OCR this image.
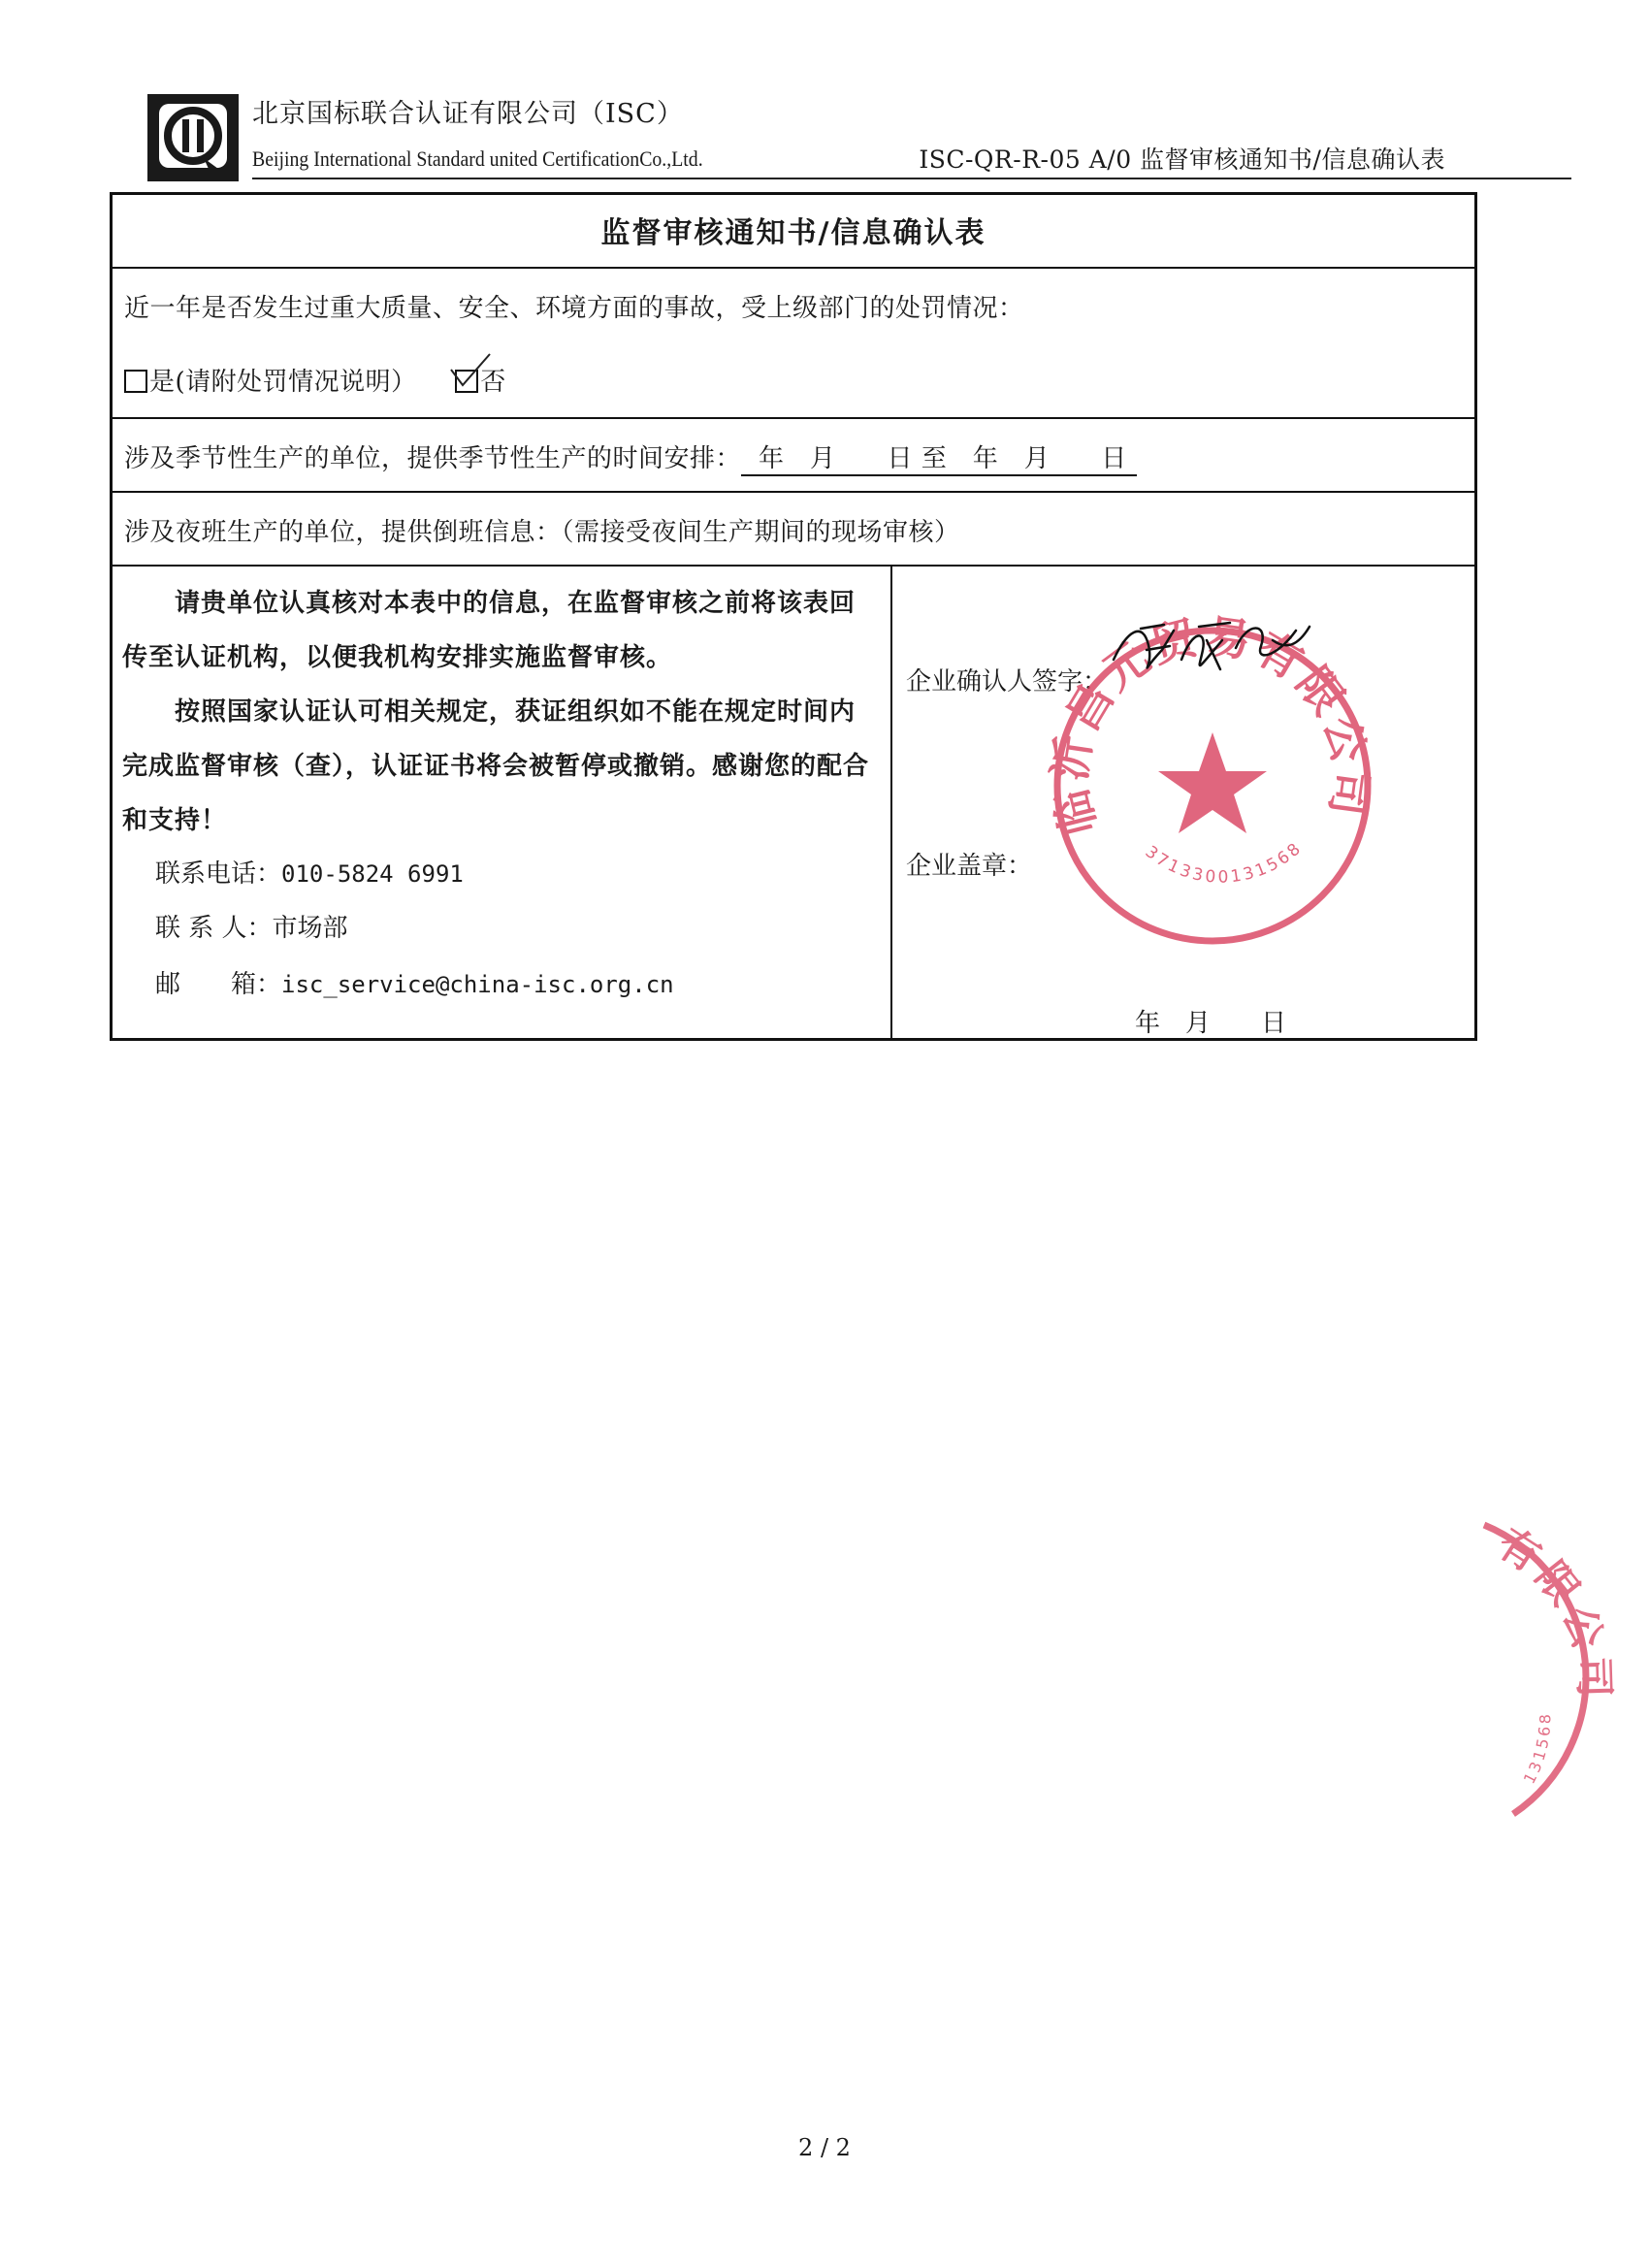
北京国标联合认证有限公司（ISC）
Beijing International Standard united CertificationCo.,Ltd.	ISC-QR-R-05 A/0 监督审核通知书/信息确认表
监督审核通知书/信息确认表
近一年是否发生过重大质量、安全、环境方面的事故，受上级部门的处罚情况：
是(请附处罚情况说明）	否
涉及季节性生产的单位，提供季节性生产的时间安排： 年　月　　日 至　年　月　　日
涉及夜班生产的单位，提供倒班信息：（需接受夜间生产期间的现场审核）

　　请贵单位认真核对本表中的信息，在监督审核之前将该表回传至认证机构，以便我机构安排实施监督审核。

　　按照国家认证认可相关规定，获证组织如不能在规定时间内完成监督审核（查），认证证书将会被暂停或撤销。感谢您的配合和支持！

联系电话：010-5824 6991
联 系 人：市场部
邮　　箱：isc_service@china-isc.org.cn
企业确认人签字：
企业盖章：
年　月　　日
临沂昌元贸易有限公司
3713300131568
有限公司
131568
2 / 2
